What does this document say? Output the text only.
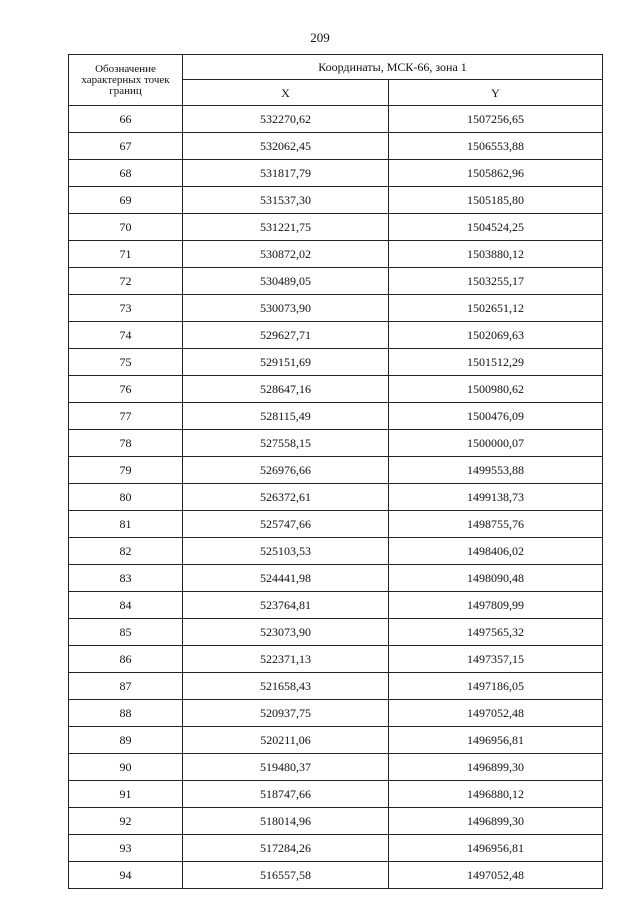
209
Обозначение характерных точек границ	Координаты, МСК-66, зона 1	
	X	Y
66	532270,62	1507256,65
67	532062,45	1506553,88
68	531817,79	1505862,96
69	531537,30	1505185,80
70	531221,75	1504524,25
71	530872,02	1503880,12
72	530489,05	1503255,17
73	530073,90	1502651,12
74	529627,71	1502069,63
75	529151,69	1501512,29
76	528647,16	1500980,62
77	528115,49	1500476,09
78	527558,15	1500000,07
79	526976,66	1499553,88
80	526372,61	1499138,73
81	525747,66	1498755,76
82	525103,53	1498406,02
83	524441,98	1498090,48
84	523764,81	1497809,99
85	523073,90	1497565,32
86	522371,13	1497357,15
87	521658,43	1497186,05
88	520937,75	1497052,48
89	520211,06	1496956,81
90	519480,37	1496899,30
91	518747,66	1496880,12
92	518014,96	1496899,30
93	517284,26	1496956,81
94	516557,58	1497052,48
